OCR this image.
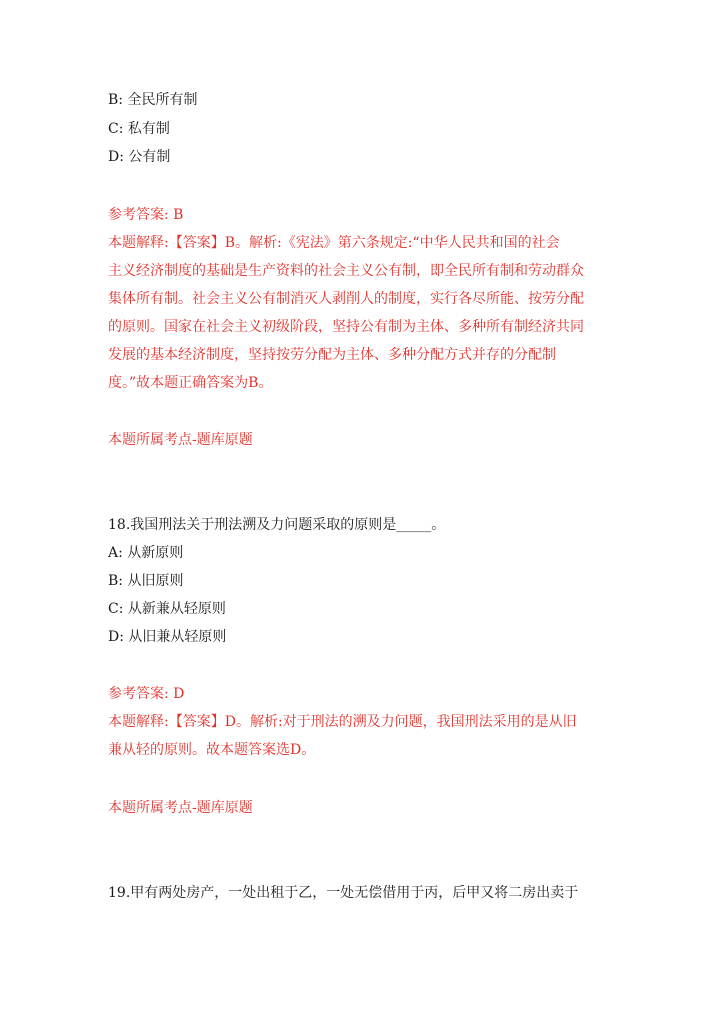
B: 全民所有制
C: 私有制
D: 公有制
参考答案: B
本题解释:【答案】B。解析:《宪法》第六条规定:“中华人民共和国的社会
主义经济制度的基础是生产资料的社会主义公有制，即全民所有制和劳动群众
集体所有制。社会主义公有制消灭人剥削人的制度，实行各尽所能、按劳分配
的原则。国家在社会主义初级阶段，坚持公有制为主体、多种所有制经济共同
发展的基本经济制度，坚持按劳分配为主体、多种分配方式并存的分配制
度。”故本题正确答案为B。
本题所属考点-题库原题
18.我国刑法关于刑法溯及力问题采取的原则是_____。
A: 从新原则
B: 从旧原则
C: 从新兼从轻原则
D: 从旧兼从轻原则
参考答案: D
本题解释:【答案】D。解析:对于刑法的溯及力问题，我国刑法采用的是从旧
兼从轻的原则。故本题答案选D。
本题所属考点-题库原题
19.甲有两处房产，一处出租于乙，一处无偿借用于丙，后甲又将二房出卖于
